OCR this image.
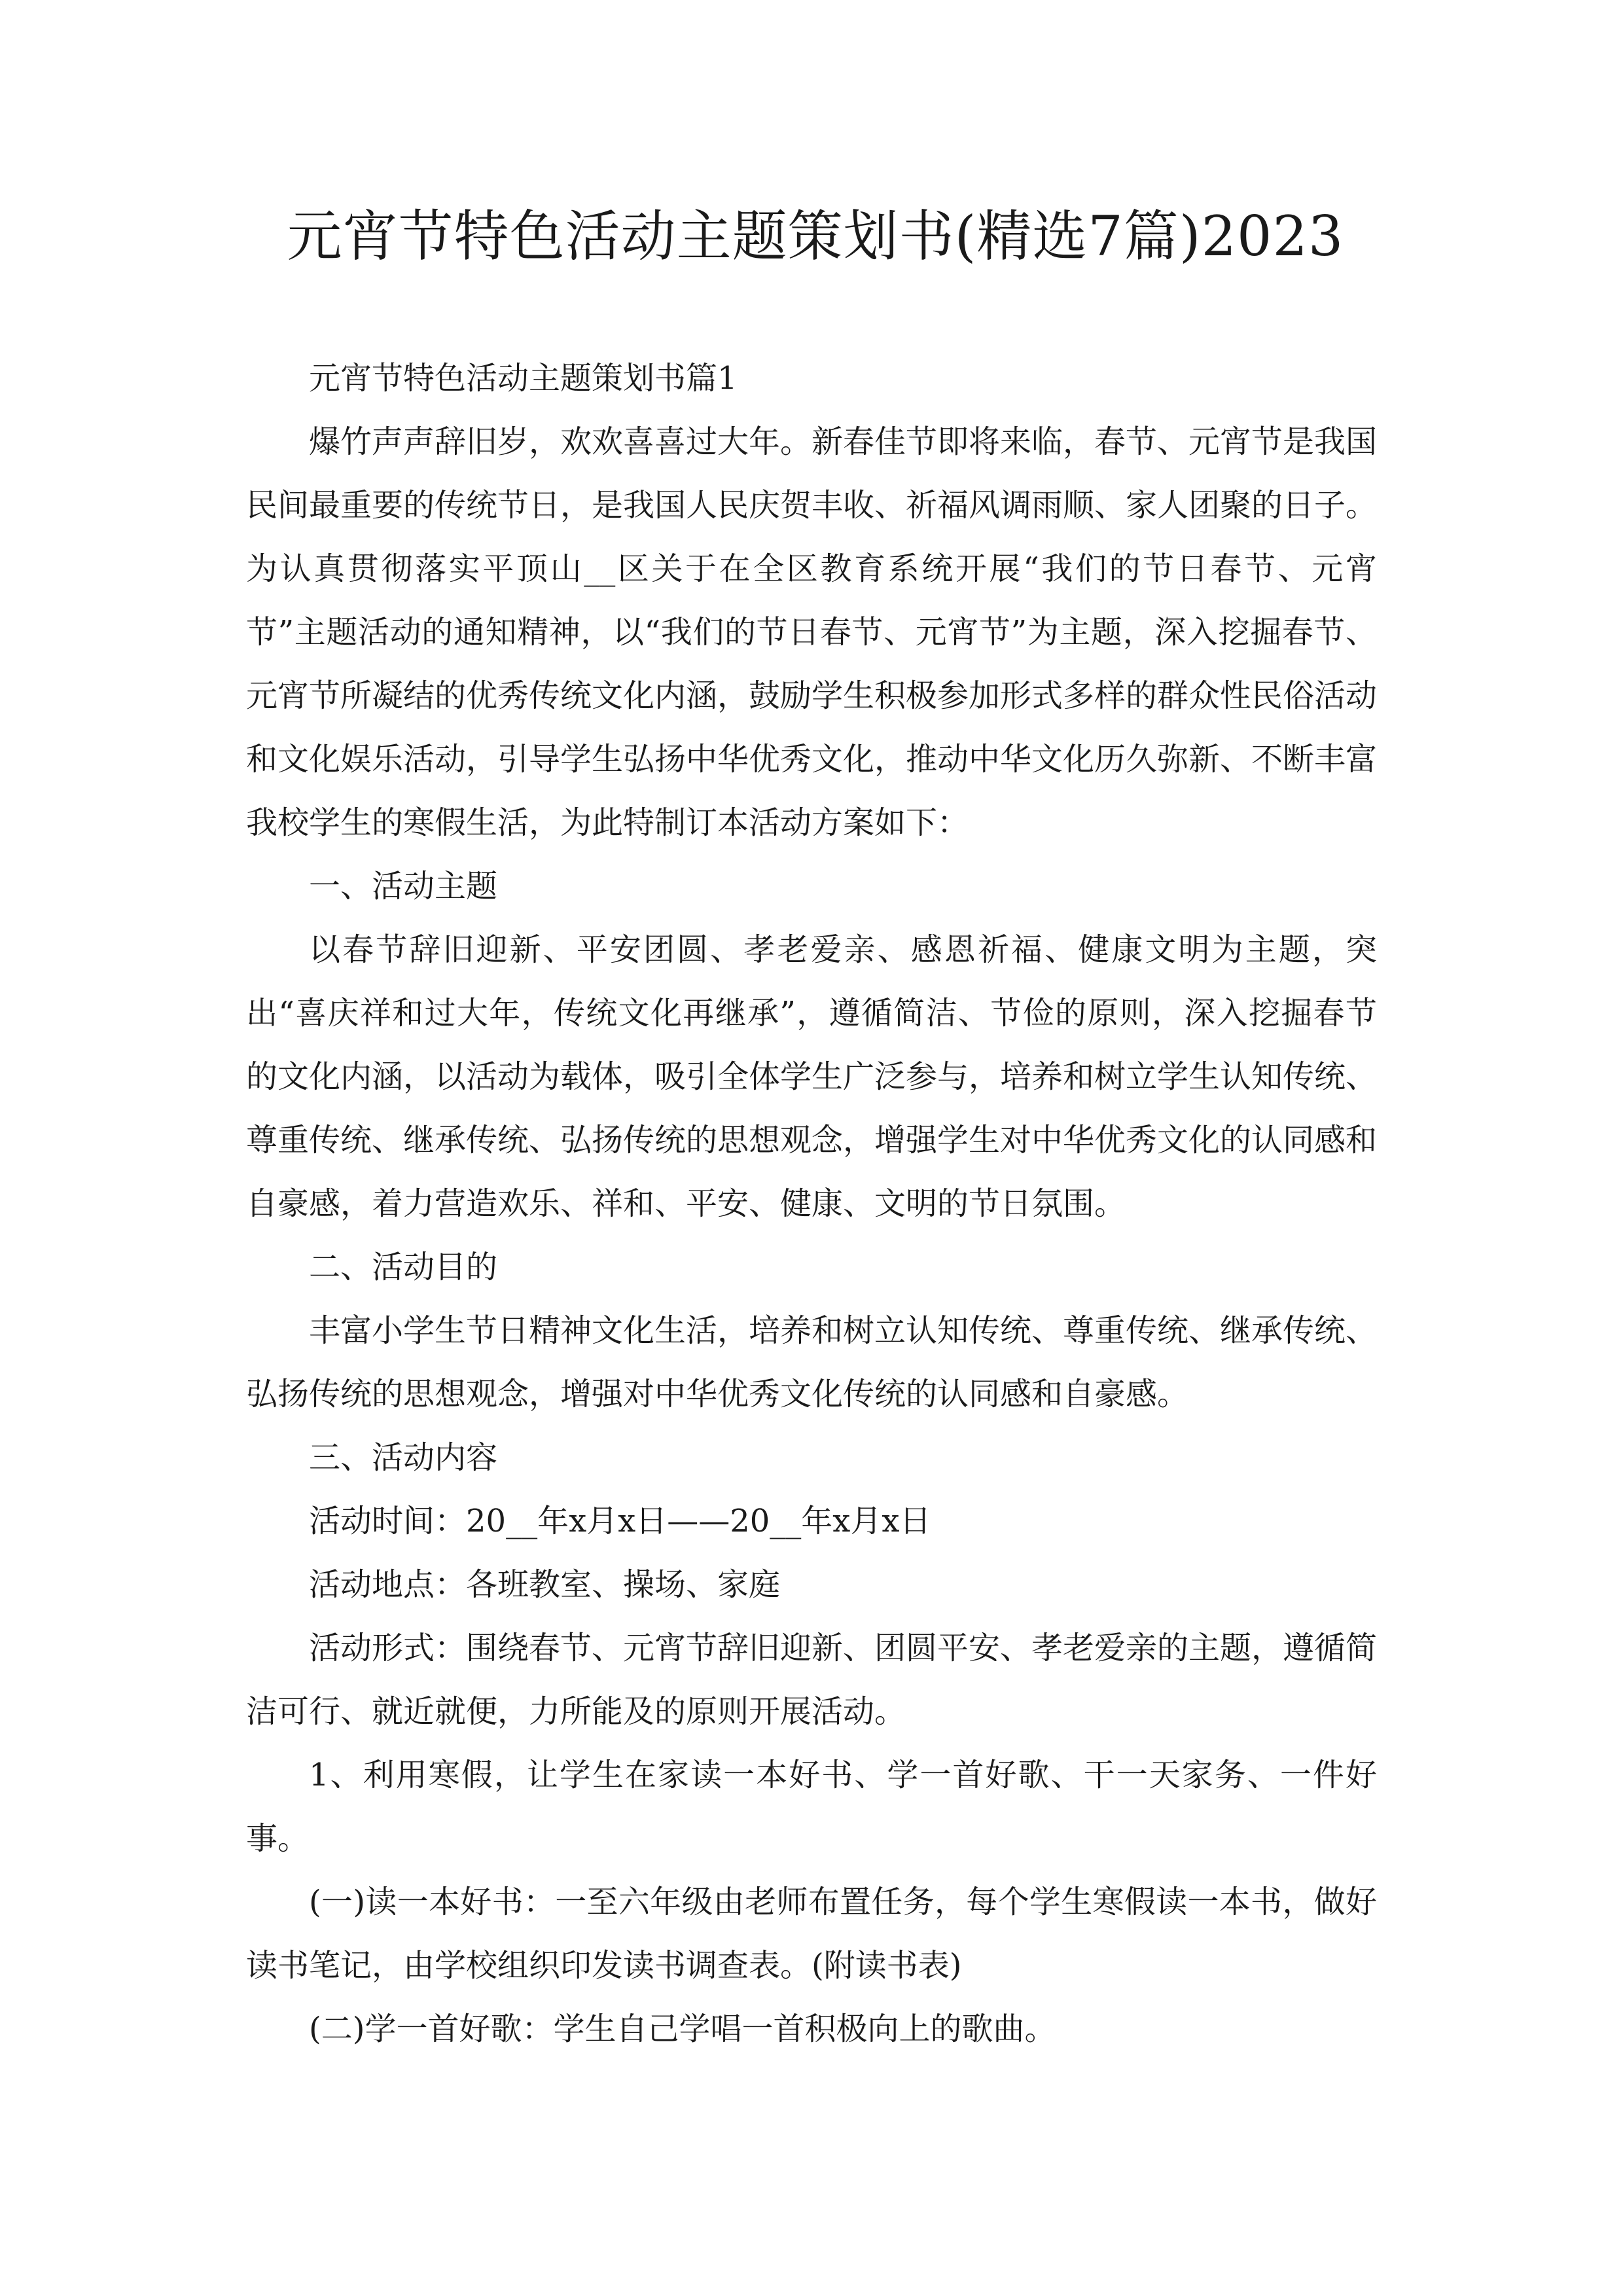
元宵节特色活动主题策划书(精选7篇)2023

元宵节特色活动主题策划书篇1

爆竹声声辞旧岁，欢欢喜喜过大年。新春佳节即将来临，春节、元宵节是我国民间最重要的传统节日，是我国人民庆贺丰收、祈福风调雨顺、家人团聚的日子。为认真贯彻落实平顶山__区关于在全区教育系统开展“我们的节日春节、元宵节”主题活动的通知精神，以“我们的节日春节、元宵节”为主题，深入挖掘春节、元宵节所凝结的优秀传统文化内涵，鼓励学生积极参加形式多样的群众性民俗活动和文化娱乐活动，引导学生弘扬中华优秀文化，推动中华文化历久弥新、不断丰富我校学生的寒假生活，为此特制订本活动方案如下：

一、活动主题

以春节辞旧迎新、平安团圆、孝老爱亲、感恩祈福、健康文明为主题，突出“喜庆祥和过大年，传统文化再继承”，遵循简洁、节俭的原则，深入挖掘春节的文化内涵，以活动为载体，吸引全体学生广泛参与，培养和树立学生认知传统、尊重传统、继承传统、弘扬传统的思想观念，增强学生对中华优秀文化的认同感和自豪感，着力营造欢乐、祥和、平安、健康、文明的节日氛围。

二、活动目的

丰富小学生节日精神文化生活，培养和树立认知传统、尊重传统、继承传统、弘扬传统的思想观念，增强对中华优秀文化传统的认同感和自豪感。

三、活动内容

活动时间：20__年x月x日——20__年x月x日

活动地点：各班教室、操场、家庭

活动形式：围绕春节、元宵节辞旧迎新、团圆平安、孝老爱亲的主题，遵循简洁可行、就近就便，力所能及的原则开展活动。

1、利用寒假，让学生在家读一本好书、学一首好歌、干一天家务、一件好事。

(一)读一本好书：一至六年级由老师布置任务，每个学生寒假读一本书，做好读书笔记，由学校组织印发读书调查表。(附读书表)

(二)学一首好歌：学生自己学唱一首积极向上的歌曲。
